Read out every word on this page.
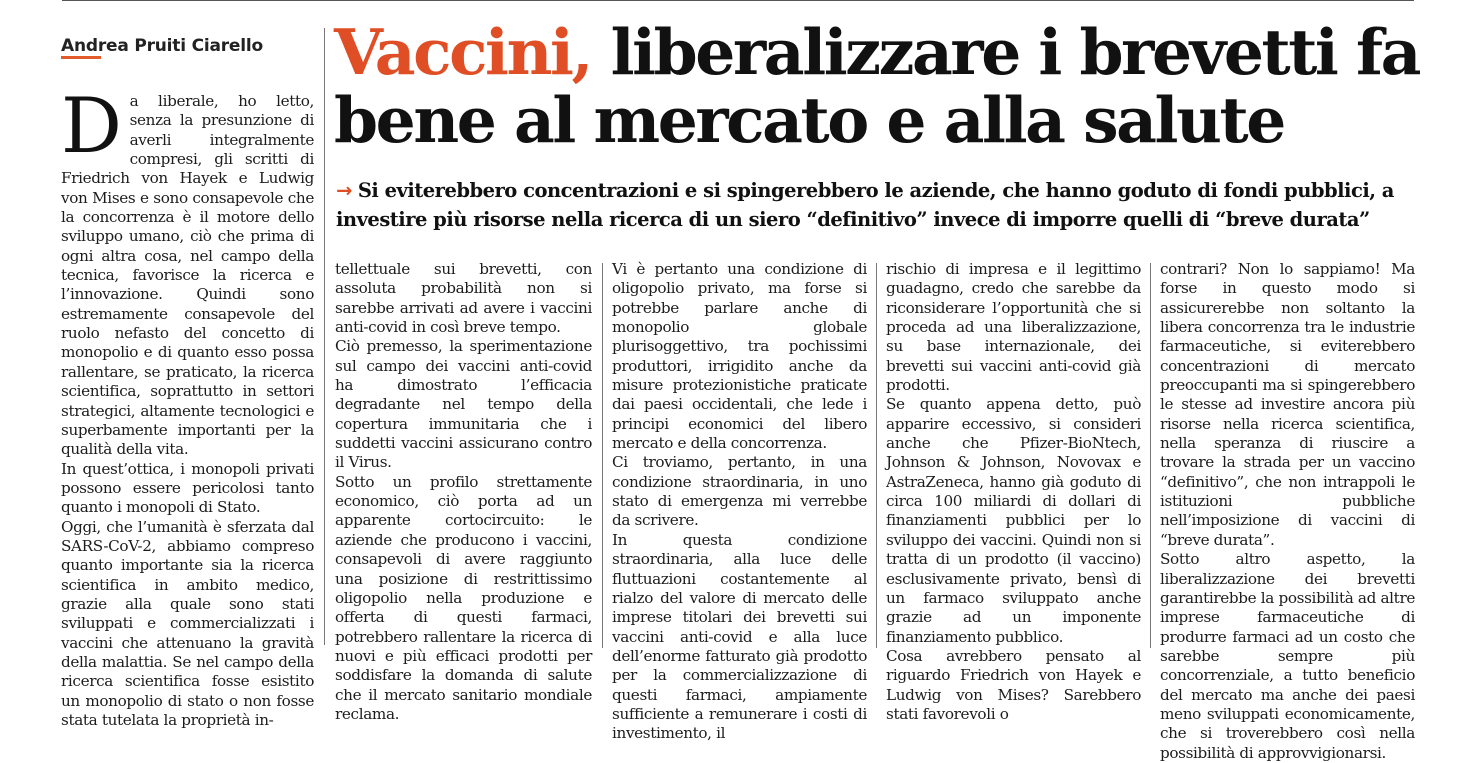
Andrea Pruiti Ciarello Vaccini, liberalizzare i brevetti fa bene al mercato e alla salute
→ Si eviterebbero concentrazioni e si spingerebbero le aziende, che hanno goduto di fondi pubblici, a investire più risorse nella ricerca di un siero “definitivo” invece di imporre quelli di “breve durata”

Da liberale, ho letto, senza la presunzione di averli integralmente compresi, gli scritti di Friedrich von Hayek e Ludwig von Mises e sono consapevole che la concorrenza è il motore dello sviluppo umano, ciò che prima di ogni altra cosa, nel campo della tecnica, favorisce la ricerca e l’innovazione. Quindi sono estremamente consapevole del ruolo nefasto del concetto di monopolio e di quanto esso possa rallentare, se praticato, la ricerca scientifica, soprattutto in settori strategici, altamente tecnologici e superbamente importanti per la qualità della vita.

In quest’ottica, i monopoli privati possono essere pericolosi tanto quanto i monopoli di Stato.

Oggi, che l’umanità è sferzata dal SARS-CoV-2, abbiamo compreso quanto importante sia la ricerca scientifica in ambito medico, grazie alla quale sono stati sviluppati e commercializzati i vaccini che attenuano la gravità della malattia. Se nel campo della ricerca scientifica fosse esistito un monopolio di stato o non fosse stata tutelata la proprietà in-

tellettuale sui brevetti, con assoluta probabilità non si sarebbe arrivati ad avere i vaccini anti-covid in così breve tempo.

Ciò premesso, la sperimentazione sul campo dei vaccini anti-covid ha dimostrato l’efficacia degradante nel tempo della copertura immunitaria che i suddetti vaccini assicurano contro il Virus.

Sotto un profilo strettamente economico, ciò porta ad un apparente cortocircuito: le aziende che producono i vaccini, consapevoli di avere raggiunto una posizione di restrittissimo oligopolio nella produzione e offerta di questi farmaci, potrebbero rallentare la ricerca di nuovi e più efficaci prodotti per soddisfare la domanda di salute che il mercato sanitario mondiale reclama.

Vi è pertanto una condizione di oligopolio privato, ma forse si potrebbe parlare anche di monopolio globale plurisoggettivo, tra pochissimi produttori, irrigidito anche da misure protezionistiche praticate dai paesi occidentali, che lede i principi economici del libero mercato e della concorrenza.

Ci troviamo, pertanto, in una condizione straordinaria, in uno stato di emergenza mi verrebbe da scrivere.

In questa condizione straordinaria, alla luce delle fluttuazioni costantemente al rialzo del valore di mercato delle imprese titolari dei brevetti sui vaccini anti-covid e alla luce dell’enorme fatturato già prodotto per la commercializzazione di questi farmaci, ampiamente sufficiente a remunerare i costi di investimento, il

rischio di impresa e il legittimo guadagno, credo che sarebbe da riconsiderare l’opportunità che si proceda ad una liberalizzazione, su base internazionale, dei brevetti sui vaccini anti-covid già prodotti.

Se quanto appena detto, può apparire eccessivo, si consideri anche che Pfizer-BioNtech, Johnson & Johnson, Novovax e AstraZeneca, hanno già goduto di circa 100 miliardi di dollari di finanziamenti pubblici per lo sviluppo dei vaccini. Quindi non si tratta di un prodotto (il vaccino) esclusivamente privato, bensì di un farmaco sviluppato anche grazie ad un imponente finanziamento pubblico.

Cosa avrebbero pensato al riguardo Friedrich von Hayek e Ludwig von Mises? Sarebbero stati favorevoli o

contrari? Non lo sappiamo! Ma forse in questo modo si assicurerebbe non soltanto la libera concorrenza tra le industrie farmaceutiche, si eviterebbero concentrazioni di mercato preoccupanti ma si spingerebbero le stesse ad investire ancora più risorse nella ricerca scientifica, nella speranza di riuscire a trovare la strada per un vaccino “definitivo”, che non intrappoli le istituzioni pubbliche nell’imposizione di vaccini di “breve durata”.

Sotto altro aspetto, la liberalizzazione dei brevetti garantirebbe la possibilità ad altre imprese farmaceutiche di produrre farmaci ad un costo che sarebbe sempre più concorrenziale, a tutto beneficio del mercato ma anche dei paesi meno sviluppati economicamente, che si troverebbero così nella possibilità di approvvigionarsi.
